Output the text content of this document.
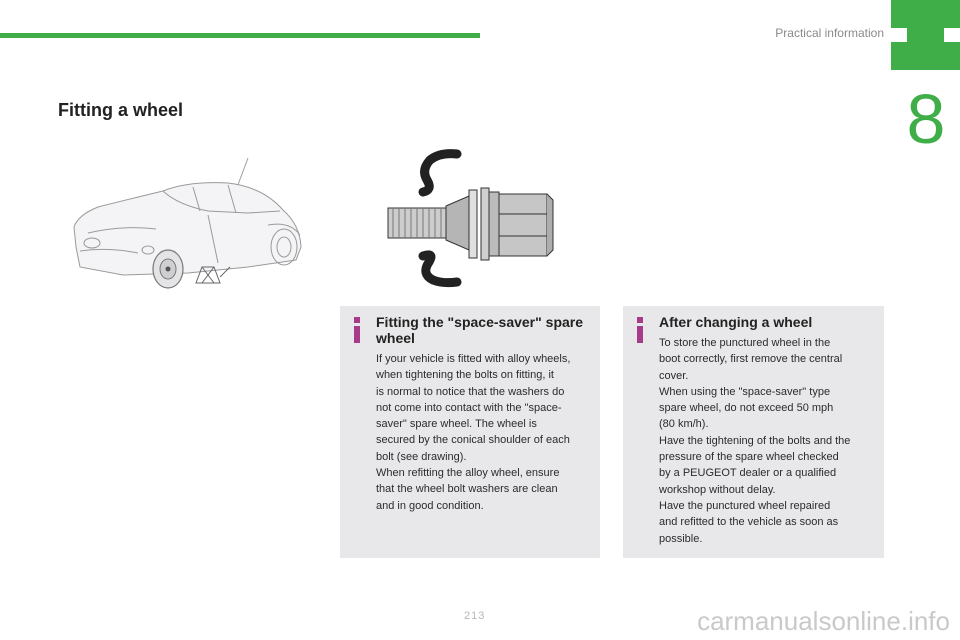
Practical information
8
Fitting a wheel
Fitting the "space-saver" spare wheel

If your vehicle is fitted with alloy wheels,
when tightening the bolts on fitting, it
is normal to notice that the washers do
not come into contact with the "space-
saver" spare wheel. The wheel is
secured by the conical shoulder of each
bolt (see drawing).
When refitting the alloy wheel, ensure
that the wheel bolt washers are clean
and in good condition.

After changing a wheel

To store the punctured wheel in the
boot correctly, first remove the central
cover.
When using the "space-saver" type
spare wheel, do not exceed 50 mph
(80 km/h).
Have the tightening of the bolts and the
pressure of the spare wheel checked
by a PEUGEOT dealer or a qualified
workshop without delay.
Have the punctured wheel repaired
and refitted to the vehicle as soon as
possible.

213	carmanualsonline.info
